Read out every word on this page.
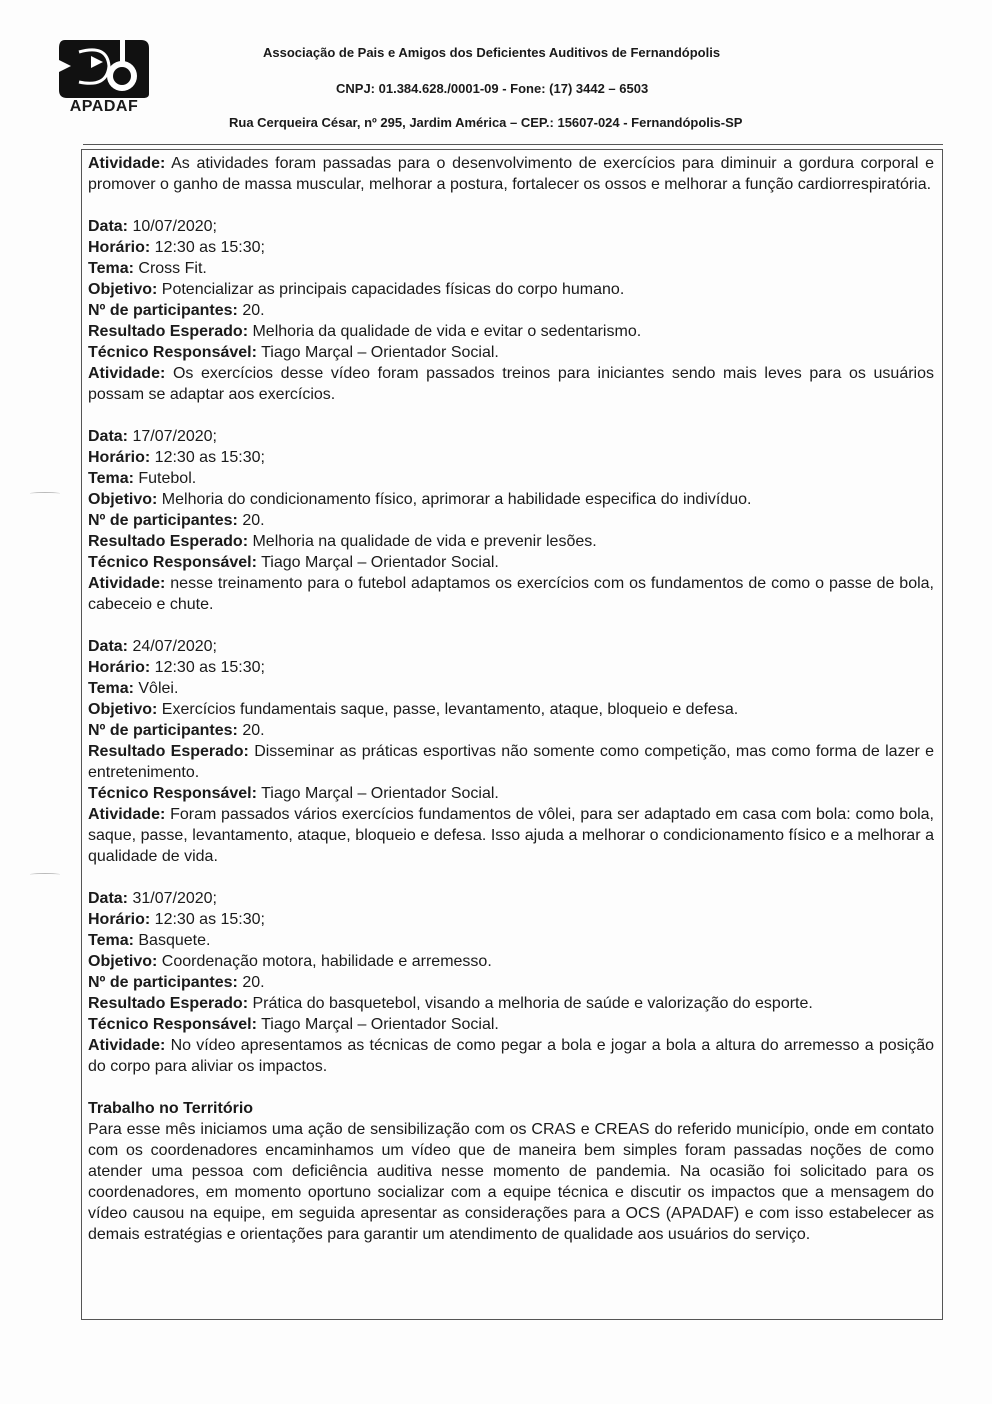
APADAF
Associação de Pais e Amigos dos Deficientes Auditivos de Fernandópolis
CNPJ: 01.384.628./0001-09 - Fone: (17) 3442 – 6503
Rua Cerqueira César, nº 295, Jardim América – CEP.: 15607-024 - Fernandópolis-SP

Atividade: As atividades foram passadas para o desenvolvimento de exercícios para diminuir a gordura corporal e promover o ganho de massa muscular, melhorar a postura, fortalecer os ossos e melhorar a função cardiorrespiratória.

Data: 10/07/2020;

Horário: 12:30 as 15:30;

Tema: Cross Fit.

Objetivo: Potencializar as principais capacidades físicas do corpo humano.

Nº de participantes: 20.

Resultado Esperado: Melhoria da qualidade de vida e evitar o sedentarismo.

Técnico Responsável: Tiago Marçal – Orientador Social.

Atividade: Os exercícios desse vídeo foram passados treinos para iniciantes sendo mais leves para os usuários possam se adaptar aos exercícios.

Data: 17/07/2020;

Horário: 12:30 as 15:30;

Tema: Futebol.

Objetivo: Melhoria do condicionamento físico, aprimorar a habilidade especifica do indivíduo.

Nº de participantes: 20.

Resultado Esperado: Melhoria na qualidade de vida e prevenir lesões.

Técnico Responsável: Tiago Marçal – Orientador Social.

Atividade: nesse treinamento para o futebol adaptamos os exercícios com os fundamentos de como o passe de bola, cabeceio e chute.

Data: 24/07/2020;

Horário: 12:30 as 15:30;

Tema: Vôlei.

Objetivo: Exercícios fundamentais saque, passe, levantamento, ataque, bloqueio e defesa.

Nº de participantes: 20.

Resultado Esperado: Disseminar as práticas esportivas não somente como competição, mas como forma de lazer e entretenimento.

Técnico Responsável: Tiago Marçal – Orientador Social.

Atividade: Foram passados vários exercícios fundamentos de vôlei, para ser adaptado em casa com bola: como bola, saque, passe, levantamento, ataque, bloqueio e defesa. Isso ajuda a melhorar o condicionamento físico e a melhorar a qualidade de vida.

Data: 31/07/2020;

Horário: 12:30 as 15:30;

Tema: Basquete.

Objetivo: Coordenação motora, habilidade e arremesso.

Nº de participantes: 20.

Resultado Esperado: Prática do basquetebol, visando a melhoria de saúde e valorização do esporte.

Técnico Responsável: Tiago Marçal – Orientador Social.

Atividade: No vídeo apresentamos as técnicas de como pegar a bola e jogar a bola a altura do arremesso a posição do corpo para aliviar os impactos.

Trabalho no Território

Para esse mês iniciamos uma ação de sensibilização com os CRAS e CREAS do referido município, onde em contato com os coordenadores encaminhamos um vídeo que de maneira bem simples foram passadas noções de como atender uma pessoa com deficiência auditiva nesse momento de pandemia. Na ocasião foi solicitado para os coordenadores, em momento oportuno socializar com a equipe técnica e discutir os impactos que a mensagem do vídeo causou na equipe, em seguida apresentar as considerações para a OCS (APADAF) e com isso estabelecer as demais estratégias e orientações para garantir um atendimento de qualidade aos usuários do serviço.
